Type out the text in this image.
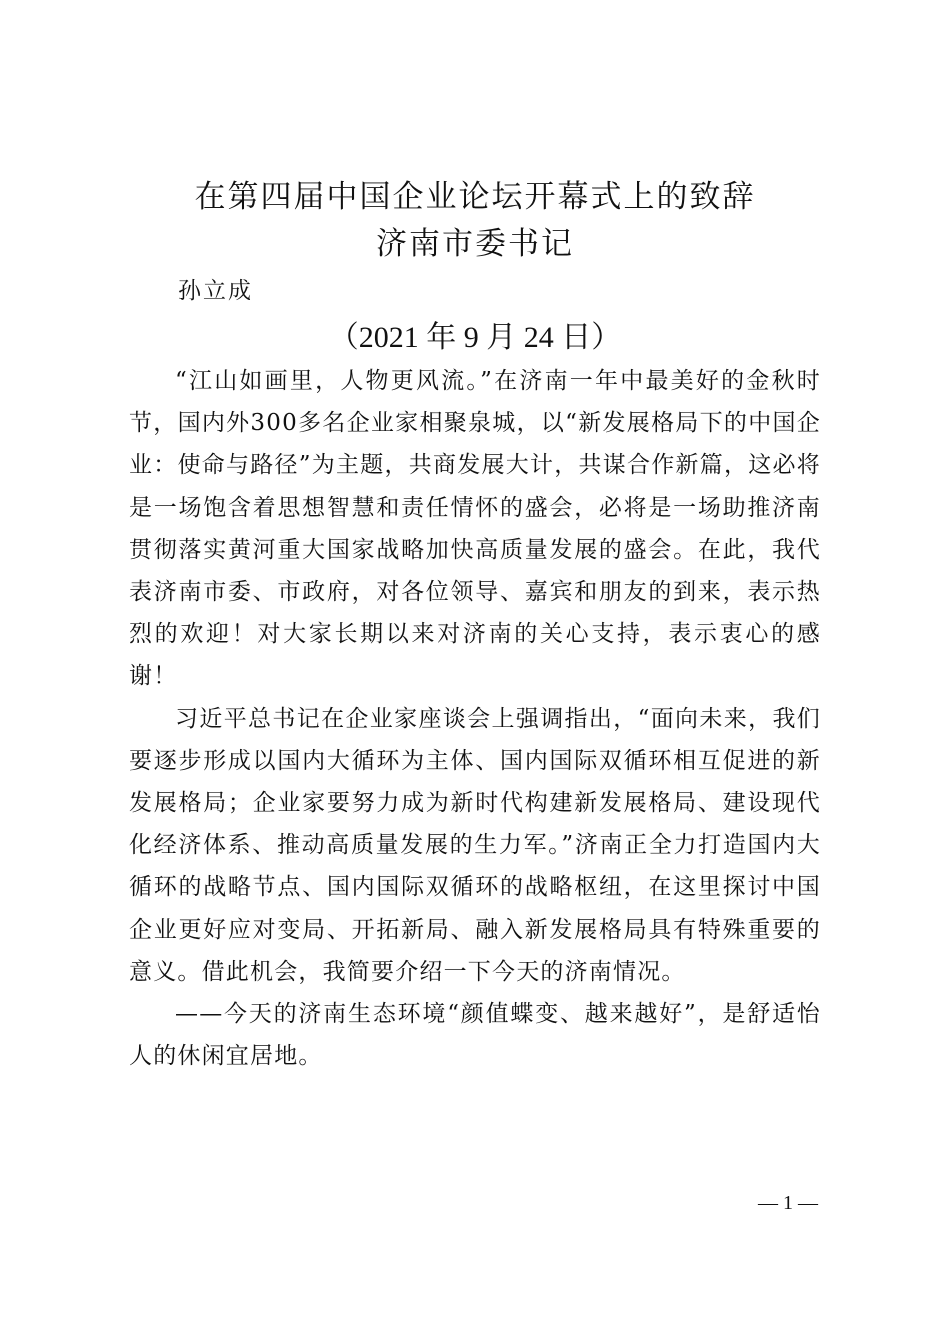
在第四届中国企业论坛开幕式上的致辞
济南市委书记
孙立成
（2021 年 9 月 24 日）

“江山如画里，人物更风流。”在济南一年中最美好的金秋时节，国内外300多名企业家相聚泉城，以“新发展格局下的中国企业：使命与路径”为主题，共商发展大计，共谋合作新篇，这必将是一场饱含着思想智慧和责任情怀的盛会，必将是一场助推济南贯彻落实黄河重大国家战略加快高质量发展的盛会。在此，我代表济南市委、市政府，对各位领导、嘉宾和朋友的到来，表示热烈的欢迎！对大家长期以来对济南的关心支持，表示衷心的感谢！

习近平总书记在企业家座谈会上强调指出，“面向未来，我们要逐步形成以国内大循环为主体、国内国际双循环相互促进的新发展格局；企业家要努力成为新时代构建新发展格局、建设现代化经济体系、推动高质量发展的生力军。”济南正全力打造国内大循环的战略节点、国内国际双循环的战略枢纽，在这里探讨中国企业更好应对变局、开拓新局、融入新发展格局具有特殊重要的意义。借此机会，我简要介绍一下今天的济南情况。

——今天的济南生态环境“颜值蝶变、越来越好”，是舒适怡人的休闲宜居地。

— 1 —
